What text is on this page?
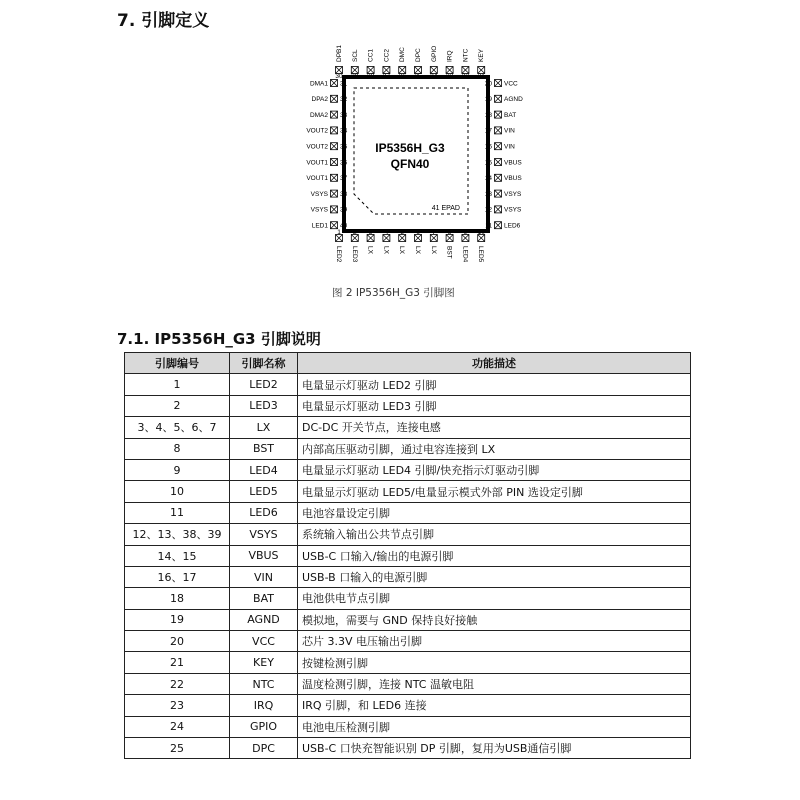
7. 引脚定义
IP5356H_G3
QFN40
41 EPAD
1
LED2
2
LED3
3
LX
4
LX
5
LX
6
LX
7
LX
8
BST
9
LED4
10
LED5
30
DPB1
29
SCL
28
CC1
27
CC2
26
DMC
25
DPC
24
GPIO
23
IRQ
22
NTC
21
KEY
31
DMA1
32
DPA2
33
DMA2
34
VOUT2
35
VOUT2
36
VOUT1
37
VOUT1
38
VSYS
39
VSYS
40
LED1
20 VCC
19 AGND
18 BAT
17 VIN
16 VIN
15 VBUS
14 VBUS
13 VSYS
12 VSYS
11 LED6
图 2 IP5356H_G3 引脚图
7.1. IP5356H_G3 引脚说明
引脚编号	引脚名称	功能描述
1	LED2	电量显示灯驱动 LED2 引脚
2	LED3	电量显示灯驱动 LED3 引脚
3、4、5、6、7	LX	DC-DC 开关节点，连接电感
8	BST	内部高压驱动引脚，通过电容连接到 LX
9	LED4	电量显示灯驱动 LED4 引脚/快充指示灯驱动引脚
10	LED5	电量显示灯驱动 LED5/电量显示模式外部 PIN 选设定引脚
11	LED6	电池容量设定引脚
12、13、38、39	VSYS	系统输入输出公共节点引脚
14、15	VBUS	USB-C 口输入/输出的电源引脚
16、17	VIN	USB-B 口输入的电源引脚
18	BAT	电池供电节点引脚
19	AGND	模拟地，需要与 GND 保持良好接触
20	VCC	芯片 3.3V 电压输出引脚
21	KEY	按键检测引脚
22	NTC	温度检测引脚，连接 NTC 温敏电阻
23	IRQ	IRQ 引脚，和 LED6 连接
24	GPIO	电池电压检测引脚
25	DPC	USB-C 口快充智能识别 DP 引脚，复用为USB通信引脚
